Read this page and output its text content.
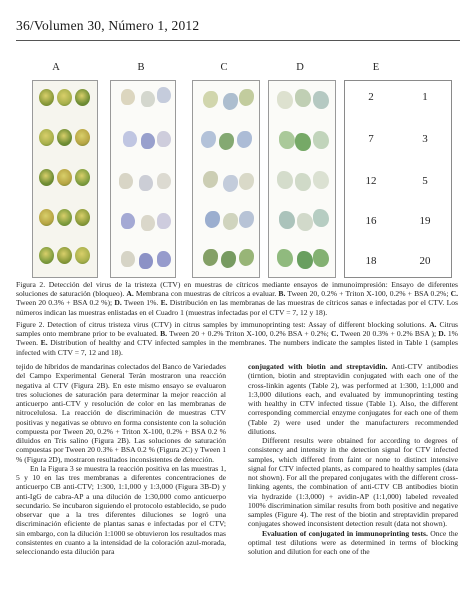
36/Volumen 30, Número 1, 2012
A	B	C	D	E
2	1
7	3
12	5
16	19
18	20
Figura 2. Detección del virus de la tristeza (CTV) en muestras de cítricos mediante ensayos de inmunoimpresión: Ensayo de diferentes soluciones de saturación (bloqueo). A. Membrana con muestras de cítricos a evaluar. B. Tween 20, 0.2% + Triton X-100, 0.2% + BSA 0.2%; C. Tween 20 0.3% + BSA 0.2 %); D. Tween 1%. E. Distribución en las membranas de las muestras de cítricos sanas e infectadas por el CTV. Los números indican las muestras enlistadas en el Cuadro 1 (muestras infectadas por el CTV = 7, 12 y 18).
Figure 2. Detection of citrus tristeza virus (CTV) in citrus samples by immunoprinting test: Assay of different blocking solutions. A. Citrus samples onto membrane prior to be evaluated. B. Tween 20 + 0.2% Triton X-100, 0.2% BSA + 0.2%; C. Tween 20 0.3% + 0.2% BSA ); D. 1% Tween. E. Distribution of healthy and CTV infected samples in the membranes. The numbers indicate the samples listed in Table 1 (samples infected with CTV = 7, 12 and 18).

tejido de híbridos de mandarinas colectados del Banco de Variedades del Campo Experimental General Terán mostraron una reacción negativa al CTV (Figura 2B). En este mismo ensayo se evaluaron tres soluciones de saturación para determinar la mejor reacción al anticuerpo anti-CTV y resolución de color en las membranas de nitrocelulosa. La reacción de discriminación de muestras CTV positivas y negativas se obtuvo en forma consistente con la solución compuesta por Tween 20, 0.2% + Triton X-100, 0.2% + BSA 0.2 % diluidos en Tris salino (Figura 2B). Las soluciones de saturación compuestas por Tween 20 0.3% + BSA 0.2 % (Figura 2C) y Tween 1 % (Figura 2D), mostraron resultados inconsistentes de detección.

En la Figura 3 se muestra la reacción positiva en las muestras 1, 5 y 10 en las tres membranas a diferentes concentraciones de anticuerpo CB anti-CTV; 1:300, 1:1,000 y 1:3,000 (Figura 3B-D) y anti-IgG de cabra-AP a una dilución de 1:30,000 como anticuerpo secundario. Se incubaron siguiendo el protocolo establecido, se pudo observar que a la tres diferentes diluciones se logró una discriminación eficiente de plantas sanas e infectadas por el CTV; sin embargo, con la dilución 1:1000 se obtuvieron los resultados mas consistentes en cuanto a la intensidad de la coloración azul-morada, seleccionando esta dilución para

conjugated with biotin and streptavidin. Anti-CTV antibodies (tirntion, biotin and streptavidin conjugated with each one of the cross-linkin agents (Table 2), was performed at 1:300, 1:1,000 and 1:3,000 dilutions each, and evaluated by immunoprinting testing with healthy in CTV infected tissue (Table 1). Also, the different corresponding commercial enzyme conjugates for each one of them (Table 2) were used under the manufacturers recommended dilutions.

Different results were obtained for according to degrees of consistency and intensity in the detection signal for CTV infected samples, which differed from faint or none to distinct intensive signal for CTV infected plants, as compared to healthy samples (data not shown). For all the prepared conjugates with the different cross-linking agents, the combination of anti-CTV CB antibodies biotin via hydrazide (1:3,000) + avidin-AP (1:1,000) labeled revealed 100% discrimination similar results from both positive and negative samples (Figure 4). The rest of the biotin and streptavidin prepared conjugates showed inconsistent detection result (data not shown).

Evaluation of conjugated in immunoprinting tests. Once the optimal test dilutions were as determined in terms of blocking solution and dilution for each one of the
